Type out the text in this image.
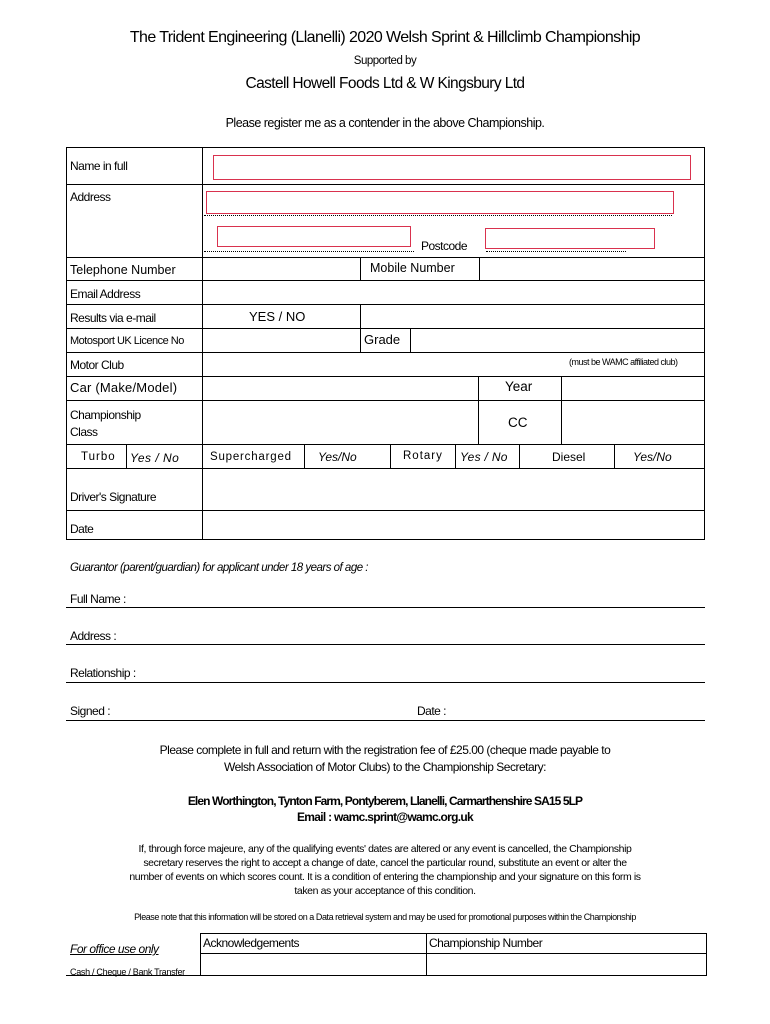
The Trident Engineering (Llanelli) 2020 Welsh Sprint & Hillclimb Championship
Supported by
Castell Howell Foods Ltd & W Kingsbury Ltd
Please register me as a contender in the above Championship.
Name in full
Address
Postcode
Telephone Number	Mobile Number
Email Address
Results via e-mail	YES / NO
Motosport UK Licence No	Grade
Motor Club	(must be WAMC affiliated club)
Car (Make/Model)	Year
Championship Class
CC
Turbo Yes / No	Supercharged Yes/No	Rotary Yes / No	Diesel	Yes/No
Driver's Signature
Date
Guarantor (parent/guardian) for applicant under 18 years of age :
Full Name :
Address :
Relationship :
Signed :	Date :
Please complete in full and return with the registration fee of £25.00 (cheque made payable to
Welsh Association of Motor Clubs) to the Championship Secretary:
Elen Worthington, Tynton Farm, Pontyberem, Llanelli, Carmarthenshire SA15 5LP
Email : wamc.sprint@wamc.org.uk
If, through force majeure, any of the qualifying events' dates are altered or any event is cancelled, the Championship
secretary reserves the right to accept a change of date, cancel the particular round, substitute an event or alter the
number of events on which scores count. It is a condition of entering the championship and your signature on this form is
taken as your acceptance of this condition.
Please note that this information will be stored on a Data retrieval system and may be used for promotional purposes within the Championship
For office use only	Acknowledgements	Championship Number
Cash / Cheque / Bank Transfer
